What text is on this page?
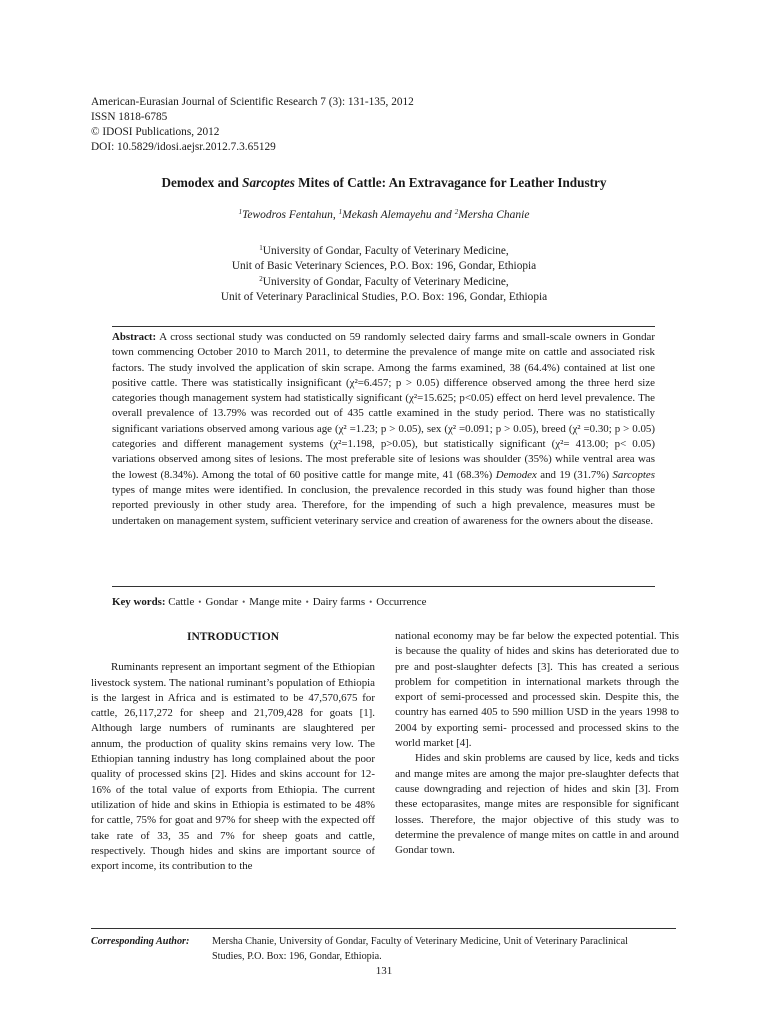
American-Eurasian Journal of Scientific Research 7 (3): 131-135, 2012
ISSN 1818-6785
© IDOSI Publications, 2012
DOI: 10.5829/idosi.aejsr.2012.7.3.65129
Demodex and Sarcoptes Mites of Cattle: An Extravagance for Leather Industry
$^1$Tewodros Fentahun, $^1$Mekash Alemayehu and $^2$Mersha Chanie
$^1$University of Gondar, Faculty of Veterinary Medicine,
Unit of Basic Veterinary Sciences, P.O. Box: 196, Gondar, Ethiopia
$^2$University of Gondar, Faculty of Veterinary Medicine,
Unit of Veterinary Paraclinical Studies, P.O. Box: 196, Gondar, Ethiopia
Abstract: A cross sectional study was conducted on 59 randomly selected dairy farms and small-scale owners in Gondar town commencing October 2010 to March 2011, to determine the prevalence of mange mite on cattle and associated risk factors. The study involved the application of skin scrape. Among the farms examined, 38 (64.4%) contained at list one positive cattle. There was statistically insignificant (χ²=6.457; p > 0.05) difference observed among the three herd size categories though management system had statistically significant (χ²=15.625; p<0.05) effect on herd level prevalence. The overall prevalence of 13.79% was recorded out of 435 cattle examined in the study period. There was no statistically significant variations observed among various age (χ² =1.23; p > 0.05), sex (χ² =0.091; p > 0.05), breed (χ² =0.30; p > 0.05) categories and different management systems (χ²=1.198, p>0.05), but statistically significant (χ²= 413.00; p< 0.05) variations observed among sites of lesions. The most preferable site of lesions was shoulder (35%) while ventral area was the lowest (8.34%). Among the total of 60 positive cattle for mange mite, 41 (68.3%) Demodex and 19 (31.7%) Sarcoptes types of mange mites were identified. In conclusion, the prevalence recorded in this study was found higher than those reported previously in other study area. Therefore, for the impending of such a high prevalence, measures must be undertaken on management system, sufficient veterinary service and creation of awareness for the owners about the disease.
Key words: Cattle • Gondar • Mange mite • Dairy farms • Occurrence
INTRODUCTION

Ruminants represent an important segment of the Ethiopian livestock system. The national ruminant’s population of Ethiopia is the largest in Africa and is estimated to be 47,570,675 for cattle, 26,117,272 for sheep and 21,709,428 for goats [1]. Although large numbers of ruminants are slaughtered per annum, the production of quality skins remains very low. The Ethiopian tanning industry has long complained about the poor quality of processed skins [2]. Hides and skins account for 12-16% of the total value of exports from Ethiopia. The current utilization of hide and skins in Ethiopia is estimated to be 48% for cattle, 75% for goat and 97% for sheep with the expected off take rate of 33, 35 and 7% for sheep goats and cattle, respectively. Though hides and skins are important source of export income, its contribution to the

national economy may be far below the expected potential. This is because the quality of hides and skins has deteriorated due to pre and post-slaughter defects [3]. This has created a serious problem for competition in international markets through the export of semi-processed and processed skin. Despite this, the country has earned 405 to 590 million USD in the years 1998 to 2004 by exporting semi- processed and processed skins to the world market [4].

Hides and skin problems are caused by lice, keds and ticks and mange mites are among the major pre-slaughter defects that cause downgrading and rejection of hides and skin [3]. From these ectoparasites, mange mites are responsible for significant losses. Therefore, the major objective of this study was to determine the prevalence of mange mites on cattle in and around Gondar town.

Corresponding Author: Mersha Chanie, University of Gondar, Faculty of Veterinary Medicine, Unit of Veterinary Paraclinical
Studies, P.O. Box: 196, Gondar, Ethiopia.
131
